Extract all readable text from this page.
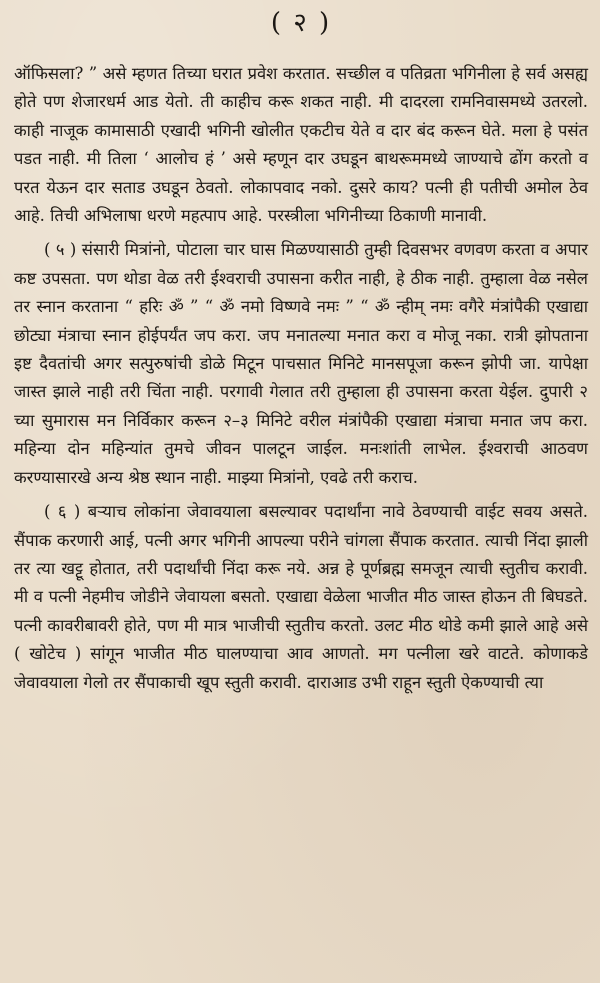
( २ )

ऑफिसला? ” असे म्हणत तिच्या घरात प्रवेश करतात. सच्छील व पतिव्रता भगिनीला हे सर्व असह्य होते पण शेजारधर्म आड येतो. ती काहीच करू शकत नाही. मी दादरला रामनिवासमध्ये उतरलो. काही नाजूक कामासाठी एखादी भगिनी खोलीत एकटीच येते व दार बंद करून घेते. मला हे पसंत पडत नाही. मी तिला ‘ आलोच हं ’ असे म्हणून दार उघडून बाथरूममध्ये जाण्याचे ढोंग करतो व परत येऊन दार सताड उघडून ठेवतो. लोकापवाद नको. दुसरे काय? पत्नी ही पतीची अमोल ठेव आहे. तिची अभिलाषा धरणे महत्पाप आहे. परस्त्रीला भगिनीच्या ठिकाणी मानावी.

( ५ ) संसारी मित्रांनो, पोटाला चार घास मिळण्यासाठी तुम्ही दिवसभर वणवण करता व अपार कष्ट उपसता. पण थोडा वेळ तरी ईश्वराची उपासना करीत नाही, हे ठीक नाही. तुम्हाला वेळ नसेल तर स्नान करताना “ हरिः ॐ ” “ ॐ नमो विष्णवे नमः ” “ ॐ न्हीम् नमः वगैरे मंत्रांपैकी एखाद्या छोट्या मंत्राचा स्नान होईपर्यंत जप करा. जप मनातल्या मनात करा व मोजू नका. रात्री झोपताना इष्ट दैवतांची अगर सत्पुरुषांची डोळे मिटून पाचसात मिनिटे मानसपूजा करून झोपी जा. यापेक्षा जास्त झाले नाही तरी चिंता नाही. परगावी गेलात तरी तुम्हाला ही उपासना करता येईल. दुपारी २ च्या सुमारास मन निर्विकार करून २–३ मिनिटे वरील मंत्रांपैकी एखाद्या मंत्राचा मनात जप करा. महिन्या दोन महिन्यांत तुमचे जीवन पालटून जाईल. मनःशांती लाभेल. ईश्वराची आठवण करण्यासारखे अन्य श्रेष्ठ स्थान नाही. माझ्या मित्रांनो, एवढे तरी कराच.

( ६ ) बऱ्याच लोकांना जेवावयाला बसल्यावर पदार्थांना नावे ठेवण्याची वाईट सवय असते. सैंपाक करणारी आई, पत्नी अगर भगिनी आपल्या परीने चांगला सैंपाक करतात. त्याची निंदा झाली तर त्या खट्टू होतात, तरी पदार्थांची निंदा करू नये. अन्न हे पूर्णब्रह्म समजून त्याची स्तुतीच करावी. मी व पत्नी नेहमीच जोडीने जेवायला बसतो. एखाद्या वेळेला भाजीत मीठ जास्त होऊन ती बिघडते. पत्नी कावरीबावरी होते, पण मी मात्र भाजीची स्तुतीच करतो. उलट मीठ थोडे कमी झाले आहे असे ( खोटेच ) सांगून भाजीत मीठ घालण्याचा आव आणतो. मग पत्नीला खरे वाटते. कोणाकडे जेवावयाला गेलो तर सैंपाकाची खूप स्तुती करावी. दाराआड उभी राहून स्तुती ऐकण्याची त्या
